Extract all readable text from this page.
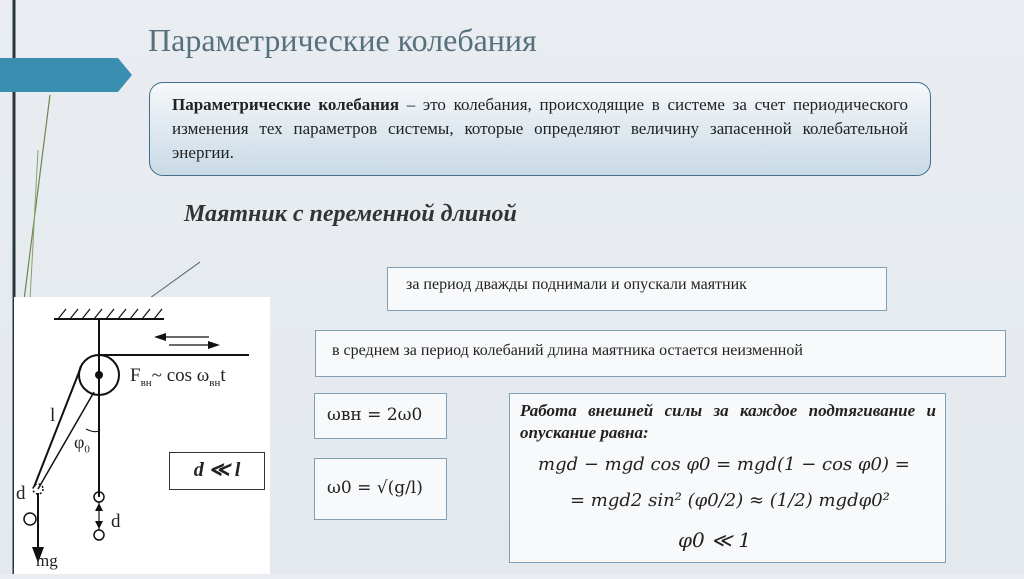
Параметрические колебания
Параметрические колебания – это колебания, происходящие в системе за счет периодического изменения тех параметров системы, которые определяют величину запасенной колебательной энергии.
Маятник с переменной длиной
за период дважды поднимали и опускали маятник
в среднем за период колебаний длина маятника остается неизменной
$F_{вн}\sim$ $\cos \omega_{вн}t$
l
$\varphi_0$
d
d
mg
d ≪ l
ωвн = 2ω0
ω0 = √(g/l)
Работа внешней силы за каждое подтягивание и опускание равна:
mgd − mgd cos φ0 = mgd(1 − cos φ0) =
= mgd2 sin² (φ0/2) ≈ (1/2) mgdφ0²
φ0 ≪ 1
